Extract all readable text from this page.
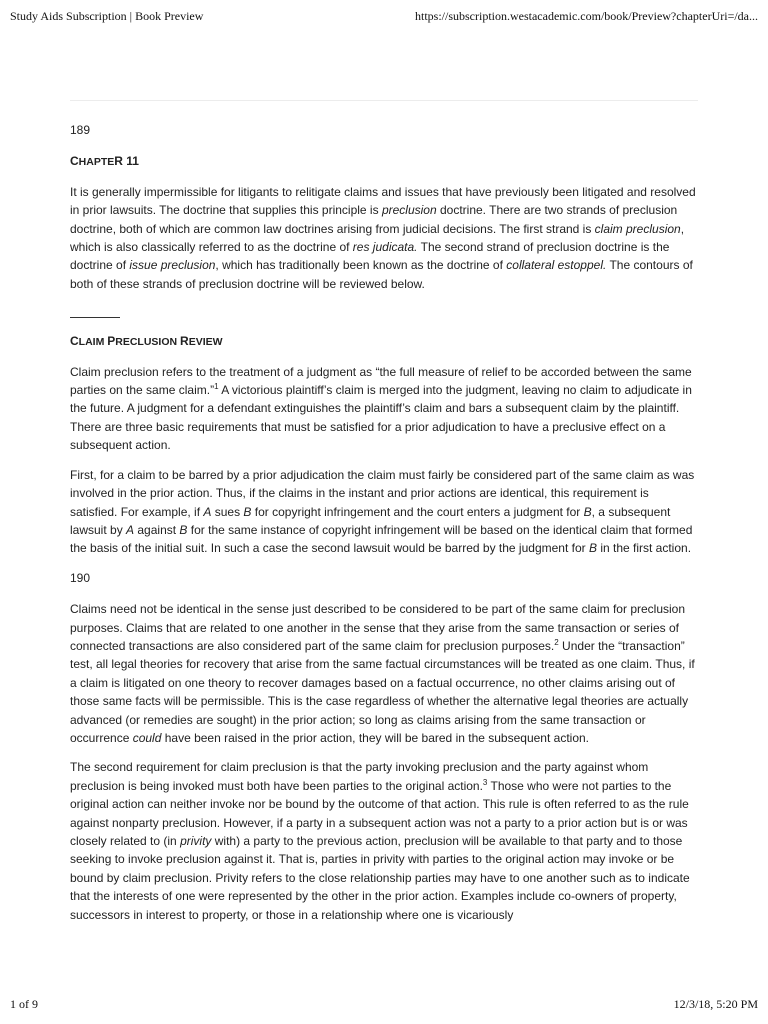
Study Aids Subscription | Book Preview	https://subscription.westacademic.com/book/Preview?chapterUri=/da...
189
CHAPTER 11

It is generally impermissible for litigants to relitigate claims and issues that have previously been litigated and resolved in prior lawsuits. The doctrine that supplies this principle is preclusion doctrine. There are two strands of preclusion doctrine, both of which are common law doctrines arising from judicial decisions. The first strand is claim preclusion, which is also classically referred to as the doctrine of res judicata. The second strand of preclusion doctrine is the doctrine of issue preclusion, which has traditionally been known as the doctrine of collateral estoppel. The contours of both of these strands of preclusion doctrine will be reviewed below.

CLAIM PRECLUSION REVIEW

Claim preclusion refers to the treatment of a judgment as “the full measure of relief to be accorded between the same parties on the same claim.”$^1$ A victorious plaintiff’s claim is merged into the judgment, leaving no claim to adjudicate in the future. A judgment for a defendant extinguishes the plaintiff’s claim and bars a subsequent claim by the plaintiff. There are three basic requirements that must be satisfied for a prior adjudication to have a preclusive effect on a subsequent action.

First, for a claim to be barred by a prior adjudication the claim must fairly be considered part of the same claim as was involved in the prior action. Thus, if the claims in the instant and prior actions are identical, this requirement is satisfied. For example, if A sues B for copyright infringement and the court enters a judgment for B, a subsequent lawsuit by A against B for the same instance of copyright infringement will be based on the identical claim that formed the basis of the initial suit. In such a case the second lawsuit would be barred by the judgment for B in the first action.

190

Claims need not be identical in the sense just described to be considered to be part of the same claim for preclusion purposes. Claims that are related to one another in the sense that they arise from the same transaction or series of connected transactions are also considered part of the same claim for preclusion purposes.$^2$ Under the “transaction” test, all legal theories for recovery that arise from the same factual circumstances will be treated as one claim. Thus, if a claim is litigated on one theory to recover damages based on a factual occurrence, no other claims arising out of those same facts will be permissible. This is the case regardless of whether the alternative legal theories are actually advanced (or remedies are sought) in the prior action; so long as claims arising from the same transaction or occurrence could have been raised in the prior action, they will be bared in the subsequent action.

The second requirement for claim preclusion is that the party invoking preclusion and the party against whom preclusion is being invoked must both have been parties to the original action.$^3$ Those who were not parties to the original action can neither invoke nor be bound by the outcome of that action. This rule is often referred to as the rule against nonparty preclusion. However, if a party in a subsequent action was not a party to a prior action but is or was closely related to (in privity with) a party to the previous action, preclusion will be available to that party and to those seeking to invoke preclusion against it. That is, parties in privity with parties to the original action may invoke or be bound by claim preclusion. Privity refers to the close relationship parties may have to one another such as to indicate that the interests of one were represented by the other in the prior action. Examples include co-owners of property, successors in interest to property, or those in a relationship where one is vicariously

1 of 9	12/3/18, 5:20 PM
